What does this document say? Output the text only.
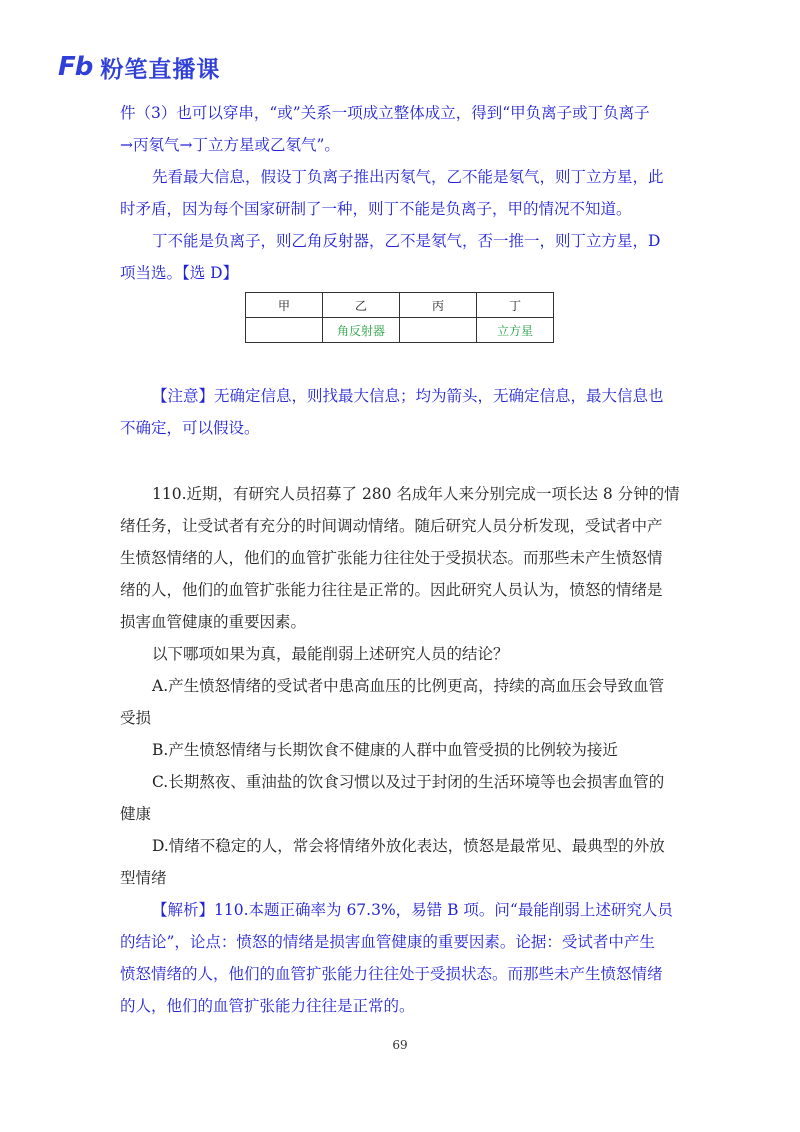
Fb 粉笔直播课
件（3）也可以穿串，“或”关系一项成立整体成立，得到“甲负离子或丁负离子
→丙氡气→丁立方星或乙氡气”。
先看最大信息，假设丁负离子推出丙氡气，乙不能是氡气，则丁立方星，此
时矛盾，因为每个国家研制了一种，则丁不能是负离子，甲的情况不知道。
丁不能是负离子，则乙角反射器，乙不是氡气，否一推一，则丁立方星，D
项当选。【选 D】
甲	乙	丙	丁
	角反射器		立方星
【注意】无确定信息，则找最大信息；均为箭头，无确定信息，最大信息也
不确定，可以假设。
110.近期，有研究人员招募了 280 名成年人来分别完成一项长达 8 分钟的情
绪任务，让受试者有充分的时间调动情绪。随后研究人员分析发现，受试者中产
生愤怒情绪的人，他们的血管扩张能力往往处于受损状态。而那些未产生愤怒情
绪的人，他们的血管扩张能力往往是正常的。因此研究人员认为，愤怒的情绪是
损害血管健康的重要因素。
以下哪项如果为真，最能削弱上述研究人员的结论？
A.产生愤怒情绪的受试者中患高血压的比例更高，持续的高血压会导致血管
受损
B.产生愤怒情绪与长期饮食不健康的人群中血管受损的比例较为接近
C.长期熬夜、重油盐的饮食习惯以及过于封闭的生活环境等也会损害血管的
健康
D.情绪不稳定的人，常会将情绪外放化表达，愤怒是最常见、最典型的外放
型情绪
【解析】110.本题正确率为 67.3%，易错 B 项。问“最能削弱上述研究人员
的结论”，论点：愤怒的情绪是损害血管健康的重要因素。论据：受试者中产生
愤怒情绪的人，他们的血管扩张能力往往处于受损状态。而那些未产生愤怒情绪
的人，他们的血管扩张能力往往是正常的。
69
